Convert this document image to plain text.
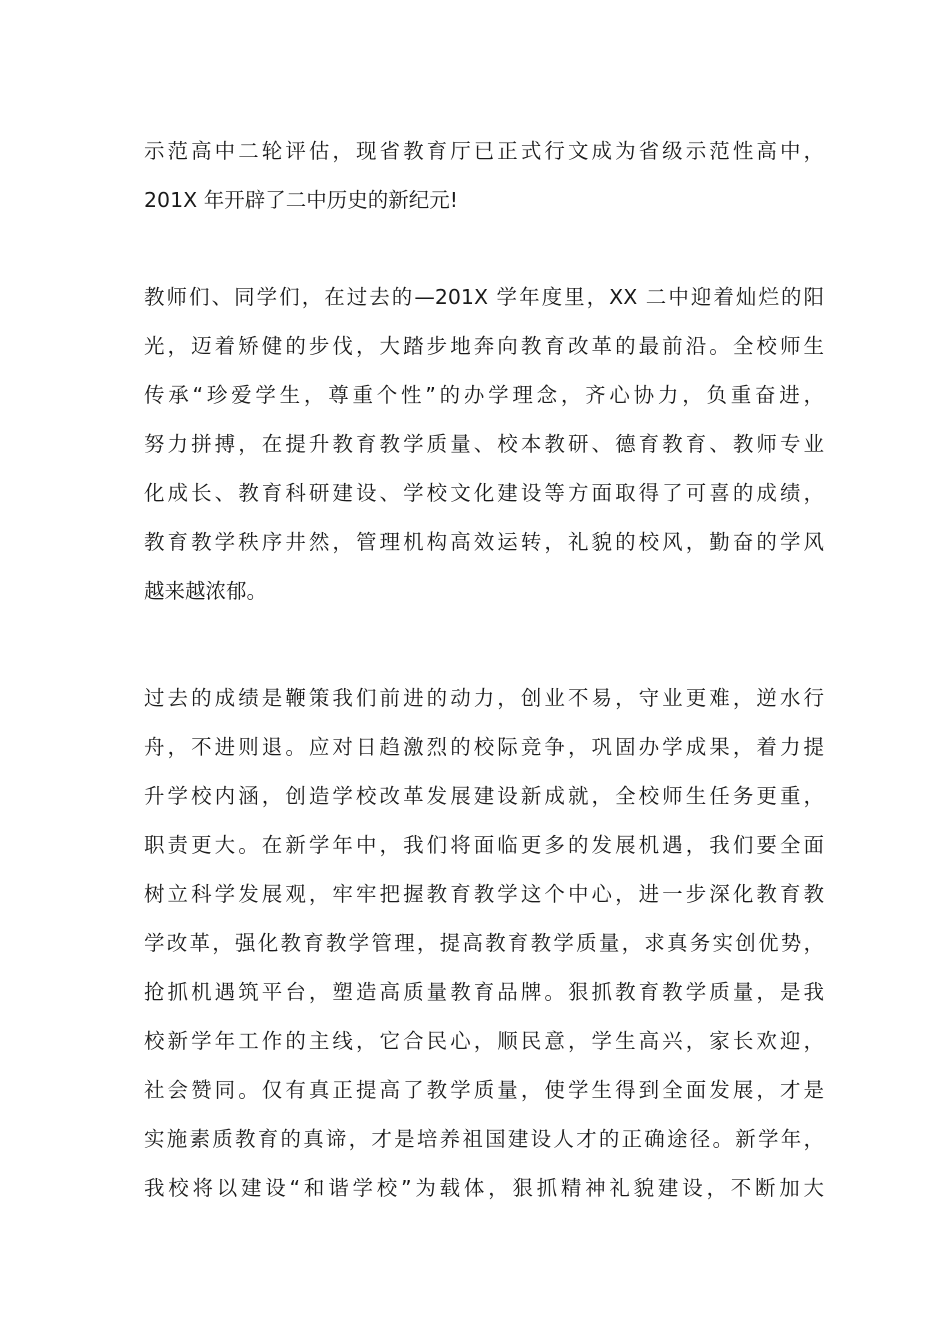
示范高中二轮评估，现省教育厅已正式行文成为省级示范性高中，
201X 年开辟了二中历史的新纪元!
教师们、同学们，在过去的—201X 学年度里，XX 二中迎着灿烂的阳
光，迈着矫健的步伐，大踏步地奔向教育改革的最前沿。全校师生
传承“珍爱学生，尊重个性”的办学理念，齐心协力，负重奋进，
努力拼搏，在提升教育教学质量、校本教研、德育教育、教师专业
化成长、教育科研建设、学校文化建设等方面取得了可喜的成绩，
教育教学秩序井然，管理机构高效运转，礼貌的校风，勤奋的学风
越来越浓郁。
过去的成绩是鞭策我们前进的动力，创业不易，守业更难，逆水行
舟，不进则退。应对日趋激烈的校际竞争，巩固办学成果，着力提
升学校内涵，创造学校改革发展建设新成就，全校师生任务更重，
职责更大。在新学年中，我们将面临更多的发展机遇，我们要全面
树立科学发展观，牢牢把握教育教学这个中心，进一步深化教育教
学改革，强化教育教学管理，提高教育教学质量，求真务实创优势，
抢抓机遇筑平台，塑造高质量教育品牌。狠抓教育教学质量，是我
校新学年工作的主线，它合民心，顺民意，学生高兴，家长欢迎，
社会赞同。仅有真正提高了教学质量，使学生得到全面发展，才是
实施素质教育的真谛，才是培养祖国建设人才的正确途径。新学年，
我校将以建设“和谐学校”为载体，狠抓精神礼貌建设，不断加大
